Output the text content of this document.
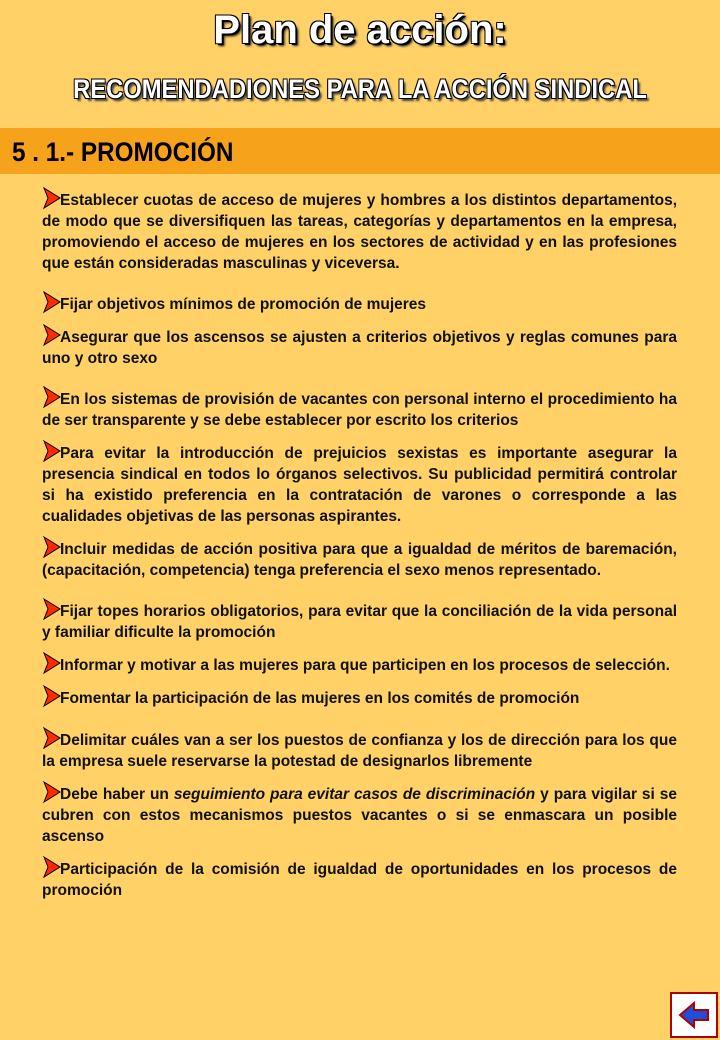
Plan de acción:
RECOMENDADIONES PARA LA ACCIÓN SINDICAL
5 . 1.- PROMOCIÓN
Establecer cuotas de acceso de mujeres y hombres a los distintos departamentos, de modo que se diversifiquen las tareas, categorías y departamentos en la empresa, promoviendo el acceso de mujeres en los sectores de actividad y en las profesiones que están consideradas masculinas y viceversa.
Fijar objetivos mínimos de promoción de mujeres
Asegurar que los ascensos se ajusten a criterios objetivos y reglas comunes para uno y otro sexo
En los sistemas de provisión de vacantes con personal interno el procedimiento ha de ser transparente y se debe establecer por escrito los criterios
Para evitar la introducción de prejuicios sexistas es importante asegurar la presencia sindical en todos lo órganos selectivos. Su publicidad permitirá controlar si ha existido preferencia en la contratación de varones o corresponde a las cualidades objetivas de las personas aspirantes.
Incluir medidas de acción positiva para que a igualdad de méritos de baremación, (capacitación, competencia) tenga preferencia el sexo menos representado.
Fijar topes horarios obligatorios, para evitar que la conciliación de la vida personal y familiar dificulte la promoción
Informar y motivar a las mujeres para que participen en los procesos de selección.
Fomentar la participación de las mujeres en los comités de promoción
Delimitar cuáles van a ser los puestos de confianza y los de dirección para los que la empresa suele reservarse la potestad de designarlos libremente
Debe haber un seguimiento para evitar casos de discriminación y para vigilar si se cubren con estos mecanismos puestos vacantes o si se enmascara un posible ascenso
Participación de la comisión de igualdad de oportunidades en los procesos de promoción
